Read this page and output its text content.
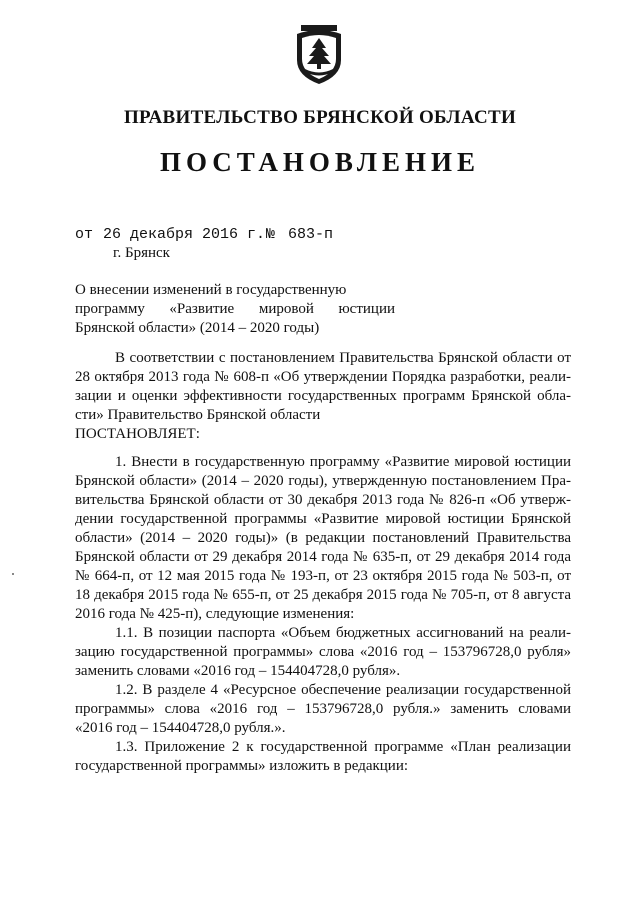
ПРАВИТЕЛЬСТВО БРЯНСКОЙ ОБЛАСТИ
ПОСТАНОВЛЕНИЕ
от 26 декабря 2016 г. № 683-п
г. Брянск
О внесении изменений в государственную
программу «Развитие мировой юстиции
Брянской области» (2014 – 2020 годы)
В соответствии с постановлением Правительства Брянской области от
28 октября 2013 года № 608-п «Об утверждении Порядка разработки, реали-
зации и оценки эффективности государственных программ Брянской обла-
сти» Правительство Брянской области
ПОСТАНОВЛЯЕТ:
1. Внести в государственную программу «Развитие мировой юстиции
Брянской области» (2014 – 2020 годы), утвержденную постановлением Пра-
вительства Брянской области от 30 декабря 2013 года № 826-п «Об утверж-
дении государственной программы «Развитие мировой юстиции Брянской
области» (2014 – 2020 годы)» (в редакции постановлений Правительства
Брянской области от 29 декабря 2014 года № 635-п, от 29 декабря 2014 года
№ 664-п, от 12 мая 2015 года № 193-п, от 23 октября 2015 года № 503-п, от
18 декабря 2015 года № 655-п, от 25 декабря 2015 года № 705-п, от 8 августа
2016 года № 425-п), следующие изменения:
1.1. В позиции паспорта «Объем бюджетных ассигнований на реали-
зацию государственной программы» слова «2016 год – 153796728,0 рубля»
заменить словами «2016 год – 154404728,0 рубля».
1.2. В разделе 4 «Ресурсное обеспечение реализации государственной
программы» слова «2016 год – 153796728,0 рубля.» заменить словами
«2016 год – 154404728,0 рубля.».
1.3. Приложение 2 к государственной программе «План реализации
государственной программы» изложить в редакции:
